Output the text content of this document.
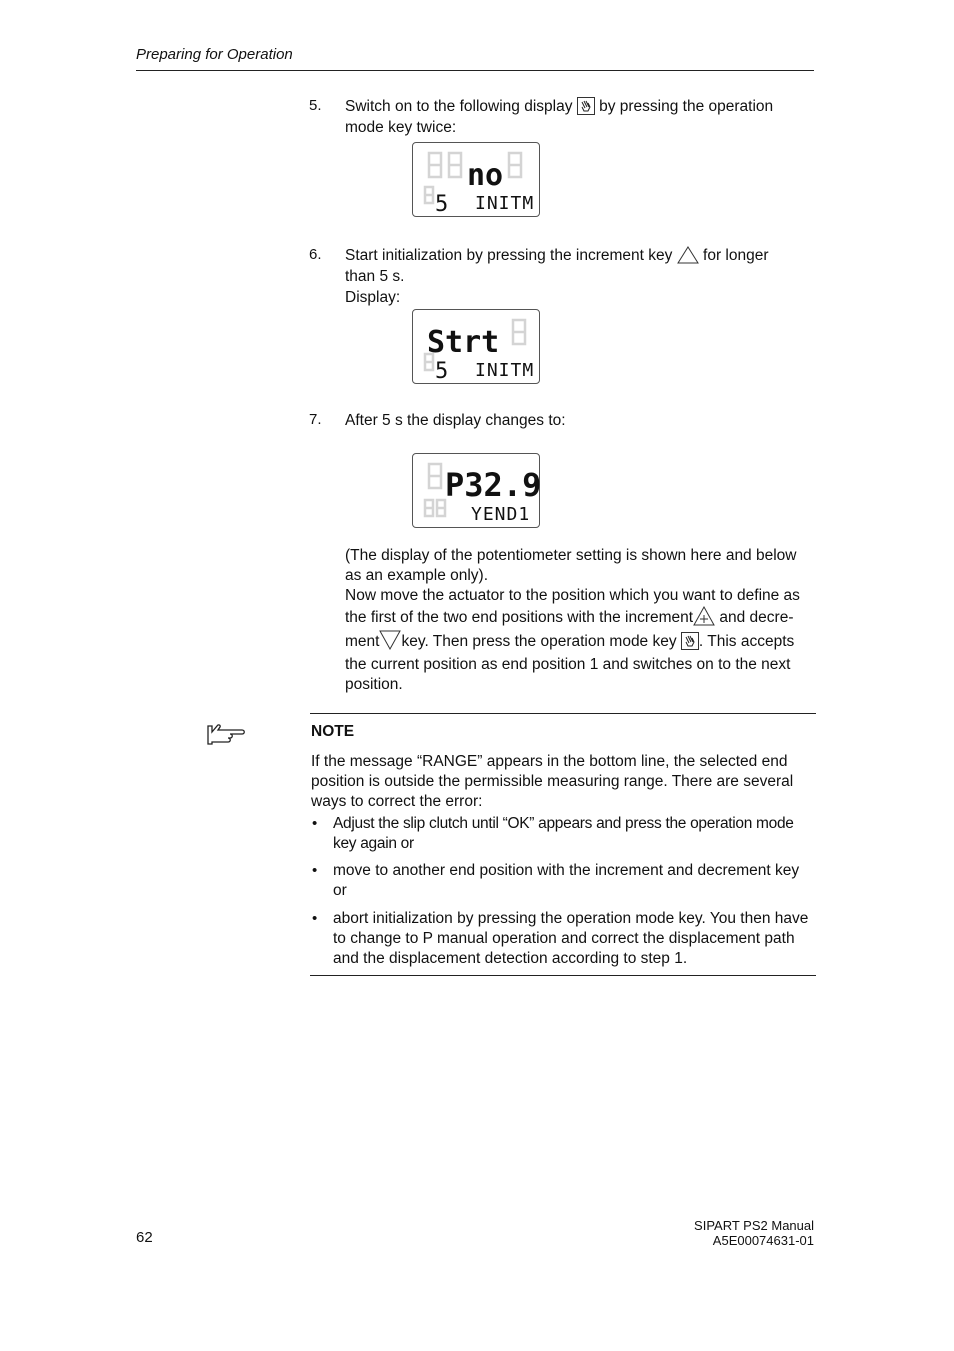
Preparing for Operation
5. Switch on to the following display by pressing the operation
mode key twice:
no
5 INITM
6. Start initialization by pressing the increment key for longer
than 5 s.
Display:
Strt
5 INITM
7. After 5 s the display changes to:
P32.9
YEND1
(The display of the potentiometer setting is shown here and below
as an example only).
Now move the actuator to the position which you want to define as
the first of the two end positions with the increment and decre-
ment key. Then press the operation mode key . This accepts
the current position as end position 1 and switches on to the next
position.
NOTE
If the message “RANGE” appears in the bottom line, the selected end
position is outside the permissible measuring range. There are several
ways to correct the error:
• Adjust the slip clutch until “OK” appears and press the operation mode
key again or
• move to another end position with the increment and decrement key
or
• abort initialization by pressing the operation mode key. You then have
to change to P manual operation and correct the displacement path
and the displacement detection according to step 1.
62
SIPART PS2 Manual
A5E00074631-01
